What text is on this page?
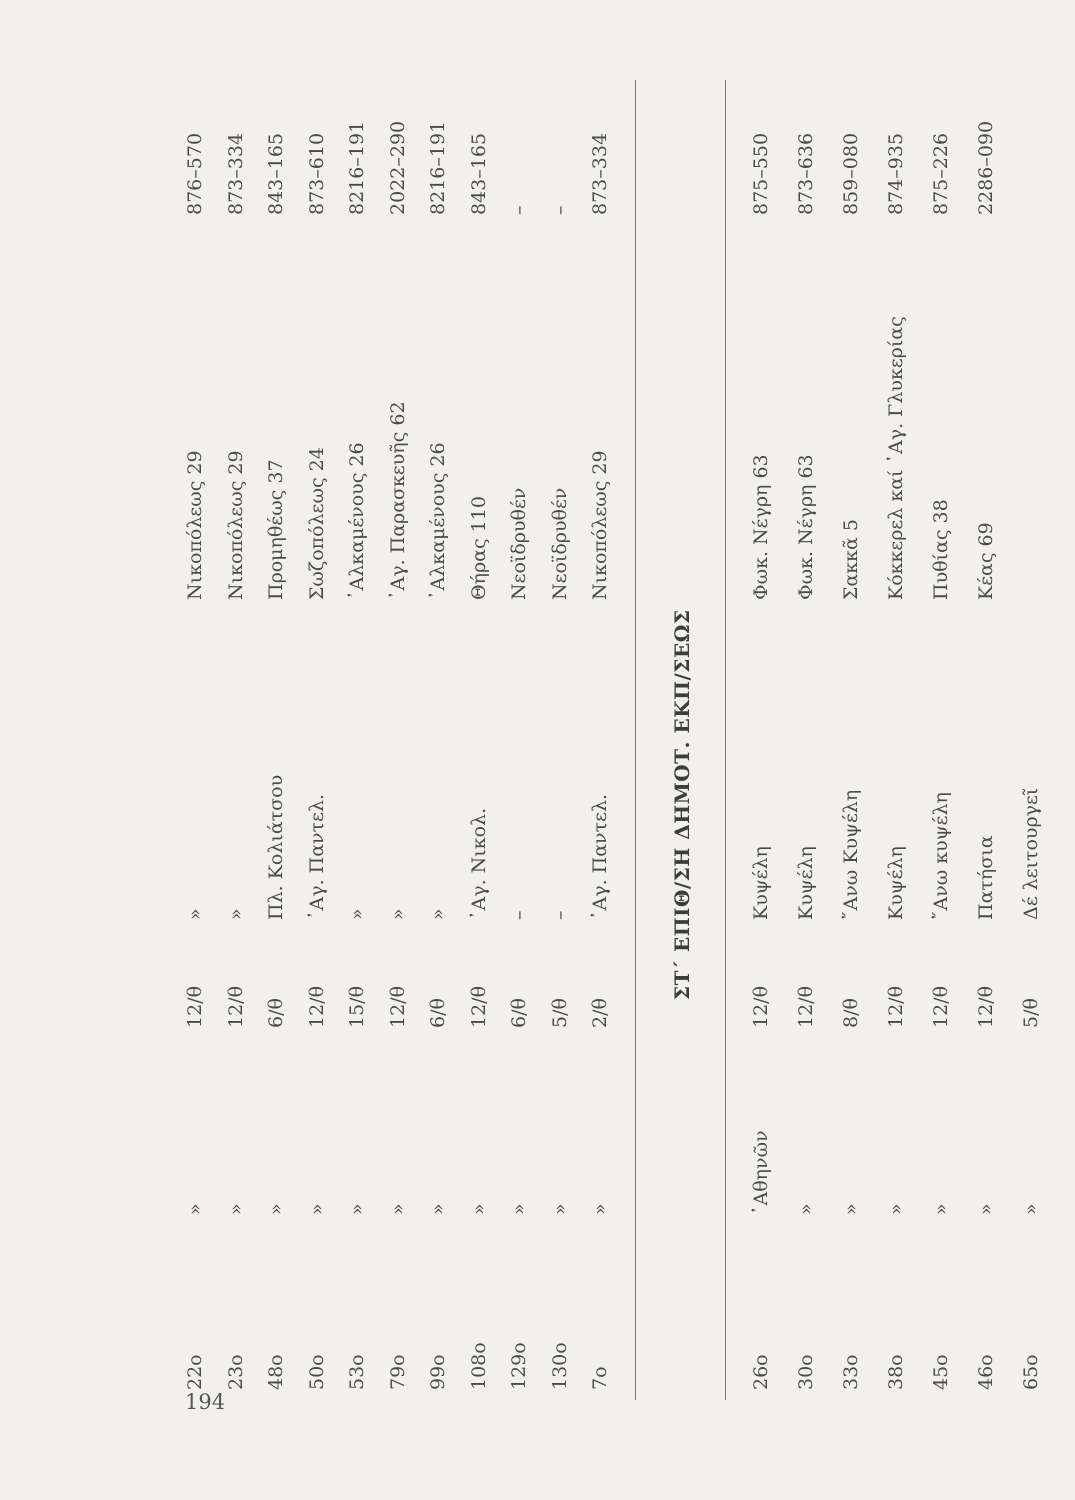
194
22ο
»
12/θ
»
Νικοπόλεως 29
876–570
23ο
»
12/θ
»
Νικοπόλεως 29
873–334
48ο
»
6/θ
Πλ. Κολιάτσου
Προμηθέως 37
843–165
50ο
»
12/θ
᾿Αγ. Παντελ.
Σωζοπόλεως 24
873–610
53ο
»
15/θ
»
᾿Αλκαμένους 26
8216–191
79ο
»
12/θ
»
᾿Αγ. Παρασκευῆς 62
2022–290
99ο
»
6/θ
»
᾿Αλκαμένους 26
8216–191
108ο
»
12/θ
᾿Αγ. Νικολ.
Θήρας 110
843–165
129ο
»
6/θ
–
Νεοϊδρυθέν
–
130ο
»
5/θ
–
Νεοϊδρυθέν
–
7ο
»
2/θ
᾿Αγ. Παντελ.
Νικοπόλεως 29
873–334
ΣΤ΄ ΕΠΙΘ/ΣΗ ΔΗΜΟΤ. ΕΚΠ/ΣΕΩΣ
26ο
᾿Αθηνῶν
12/θ
Κυψέλη
Φωκ. Νέγρη 63
875–550
30ο
»
12/θ
Κυψέλη
Φωκ. Νέγρη 63
873–636
33ο
»
8/θ
῎Ανω Κυψέλη
Σακκᾶ 5
859–080
38ο
»
12/θ
Κυψέλη
Κόκκερελ καί ῾Αγ. Γλυκερίας
874–935
45ο
»
12/θ
῎Ανω κυψέλη
Πυθίας 38
875–226
46ο
»
12/θ
Πατήσια
Κέας 69
2286–090
65ο
»
5/θ
Δέ λειτουργεῖ
